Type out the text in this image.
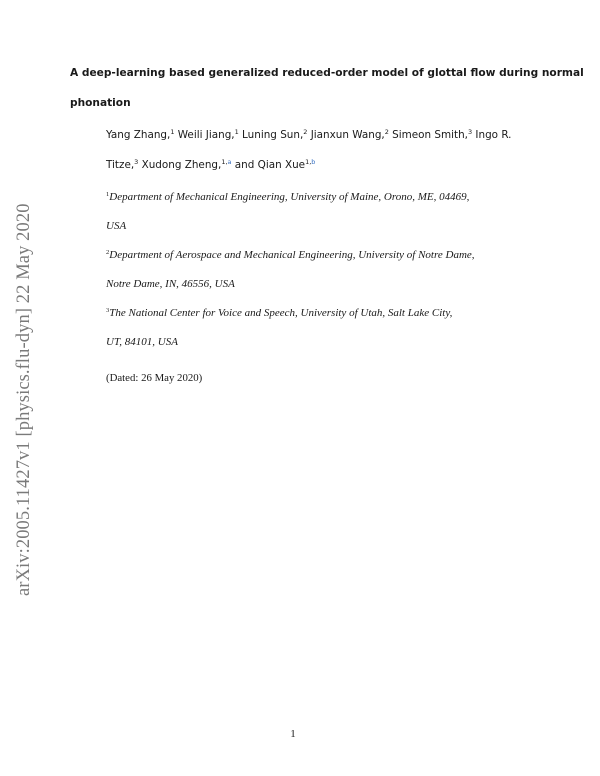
arXiv:2005.11427v1 [physics.flu-dyn] 22 May 2020
A deep-learning based generalized reduced-order model of glottal flow during normal
phonation
Yang Zhang,$^1$ Weili Jiang,$^1$ Luning Sun,$^2$ Jianxun Wang,$^2$ Simeon Smith,$^3$ Ingo R.
Titze,$^3$ Xudong Zheng,$^{1,a}$ and Qian Xue$^{1,b}$
$^1$Department of Mechanical Engineering, University of Maine, Orono, ME, 04469,
USA
$^2$Department of Aerospace and Mechanical Engineering, University of Notre Dame,
Notre Dame, IN, 46556, USA
$^3$The National Center for Voice and Speech, University of Utah, Salt Lake City,
UT, 84101, USA
(Dated: 26 May 2020)
1
